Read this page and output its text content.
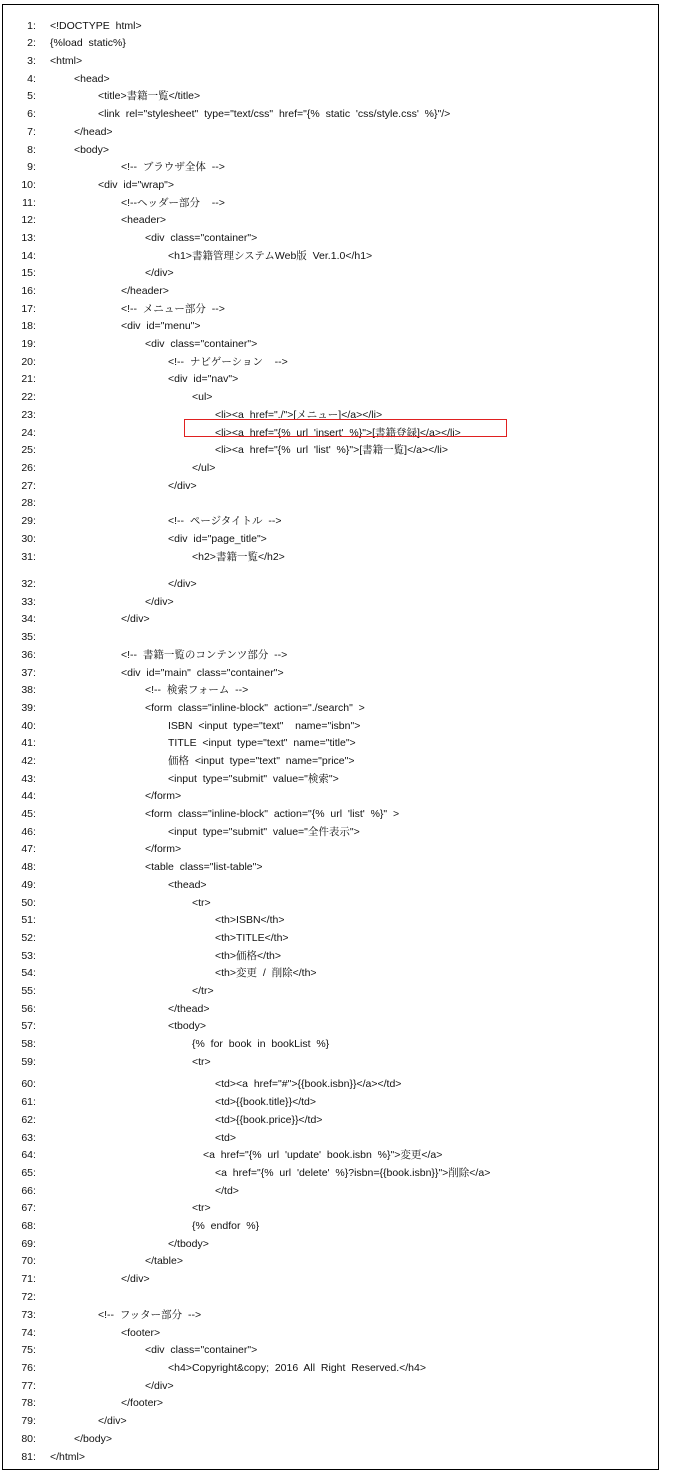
1: <!DOCTYPE  html>
2: {%load  static%}
3: <html>
4:	<head>
5:	<title>書籍一覧</title>
6:	<link  rel="stylesheet"  type="text/css"  href="{%  static  'css/style.css'  %}"/>
7:	</head>
8:	<body>
9:	<!--  ブラウザ全体  -->
10:	<div  id="wrap">
11:	<!--ヘッダー部分    -->
12:	<header>
13:	<div  class="container">
14:	<h1>書籍管理システムWeb版  Ver.1.0</h1>
15:	</div>
16:	</header>
17:	<!--  メニュー部分  -->
18:	<div  id="menu">
19:	<div  class="container">
20:	<!--  ナビゲーション    -->
21:	<div  id="nav">
22:	<ul>
23:	<li><a  href="./">[メニュー]</a></li>
24:	<li><a  href="{%  url  'insert'  %}">[書籍登録]</a></li>
25:	<li><a  href="{%  url  'list'  %}">[書籍一覧]</a></li>
26:	</ul>
27:	</div>
28:
29:	<!--  ページタイトル  -->
30:	<div  id="page_title">
31:	<h2>書籍一覧</h2>
32:	</div>
33:	</div>
34:	</div>
35:
36:	<!--  書籍一覧のコンテンツ部分  -->
37:	<div  id="main"  class="container">
38:	<!--  検索フォーム  -->
39:	<form  class="inline-block"  action="./search"  >
40:	ISBN  <input  type="text"    name="isbn">
41:	TITLE  <input  type="text"  name="title">
42:	価格  <input  type="text"  name="price">
43:	<input  type="submit"  value="検索">
44:	</form>
45:	<form  class="inline-block"  action="{%  url  'list'  %}"  >
46:	<input  type="submit"  value="全件表示">
47:	</form>
48:	<table  class="list-table">
49:	<thead>
50:	<tr>
51:	<th>ISBN</th>
52:	<th>TITLE</th>
53:	<th>価格</th>
54:	<th>変更  /  削除</th>
55:	</tr>
56:	</thead>
57:	<tbody>
58:	{%  for  book  in  bookList  %}
59:	<tr>
60:	<td><a  href="#">{{book.isbn}}</a></td>
61:	<td>{{book.title}}</td>
62:	<td>{{book.price}}</td>
63:	<td>
64:	<a  href="{%  url  'update'  book.isbn  %}">変更</a>
65:	<a  href="{%  url  'delete'  %}?isbn={{book.isbn}}">削除</a>
66:	</td>
67:	<tr>
68:	{%  endfor  %}
69:	</tbody>
70:	</table>
71:	</div>
72:
73:	<!--  フッター部分  -->
74:	<footer>
75:	<div  class="container">
76:	<h4>Copyright&copy;  2016  All  Right  Reserved.</h4>
77:	</div>
78:	</footer>
79:	</div>
80:	</body>
81: </html>
